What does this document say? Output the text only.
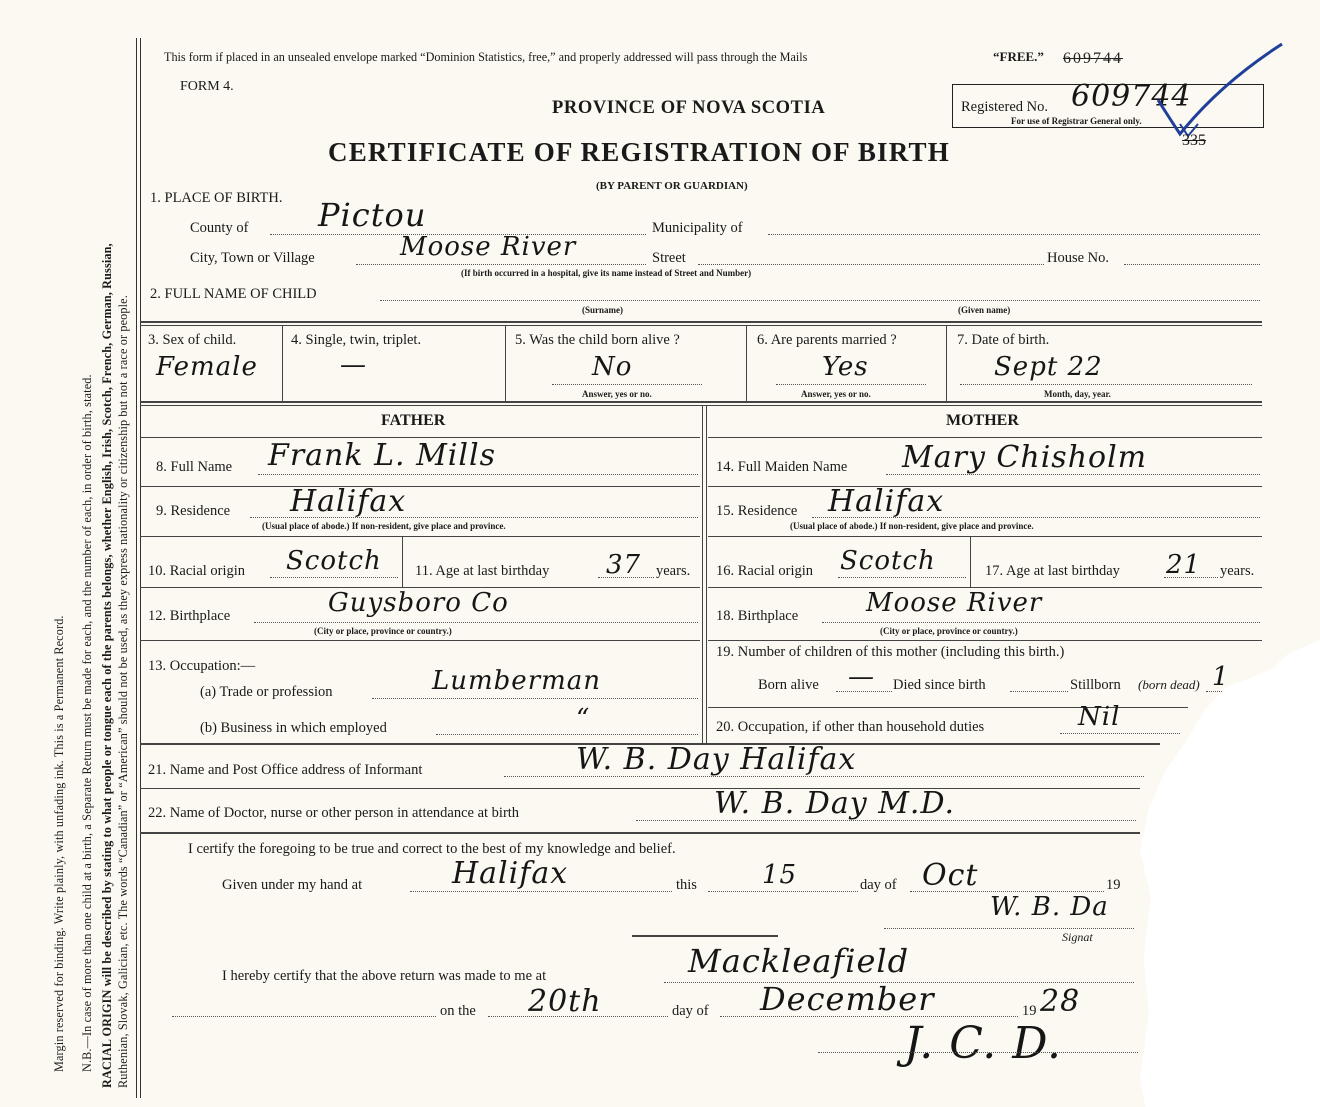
Margin reserved for binding. Write plainly, with unfading ink. This is a Permanent Record. N.B.—In case of more than one child at a birth, a Separate Return must be made for each, and the number of each, in order of birth, stated. RACIAL ORIGIN will be described by stating to what people or tongue each of the parents belongs, whether English, Irish, Scotch, French, German, Russian, Ruthenian, Slovak, Galician, etc. The words “Canadian” or “American” should not be used, as they express nationality or citizenship but not a race or people.
This form if placed in an unsealed envelope marked “Dominion Statistics, free,” and properly addressed will pass through the Mails	“FREE.” 609744
FORM 4.
PROVINCE OF NOVA SCOTIA
CERTIFICATE OF REGISTRATION OF BIRTH
(BY PARENT OR GUARDIAN)
Registered No. 609744
For use of Registrar General only.
335
1. PLACE OF BIRTH.
County of Pictou	Municipality of
City, Town or Village	Moose River	Street	House No.
(If birth occurred in a hospital, give its name instead of Street and Number)
2. FULL NAME OF CHILD
(Surname)	(Given name)
3. Sex of child.
Female
4. Single, twin, triplet.
—
5. Was the child born alive ?
No
Answer, yes or no.
6. Are parents married ?
Yes
Answer, yes or no.
7. Date of birth.
Sept 22
Month, day, year.
FATHER	MOTHER
8. Full Name Frank L. Mills
9. Residence Halifax
(Usual place of abode.) If non-resident, give place and province.
10. Racial origin Scotch 11. Age at last birthday 37 years.
12. Birthplace	Guysboro Co
(City or place, province or country.)
13. Occupation:—
(a) Trade or profession	Lumberman
(b) Business in which employed	“
14. Full Maiden Name Mary Chisholm
15. Residence Halifax
(Usual place of abode.) If non-resident, give place and province.
16. Racial origin Scotch	17. Age at last birthday 21 years.
18. Birthplace	Moose River
(City or place, province or country.)
19. Number of children of this mother (including this birth.)
Born alive — Died since birth	Stillborn (born dead) 1
20. Occupation, if other than household duties	Nil
21. Name and Post Office address of Informant	W. B. Day Halifax
22. Name of Doctor, nurse or other person in attendance at birth	W. B. Day M.D.
I certify the foregoing to be true and correct to the best of my knowledge and belief.
Given under my hand at	Halifax	this	15	day of Oct	19
W. B. Da
Signat
I hereby certify that the above return was made to me at	Mackleafield
on the 20th	day of December	19 28
J. C. D.
